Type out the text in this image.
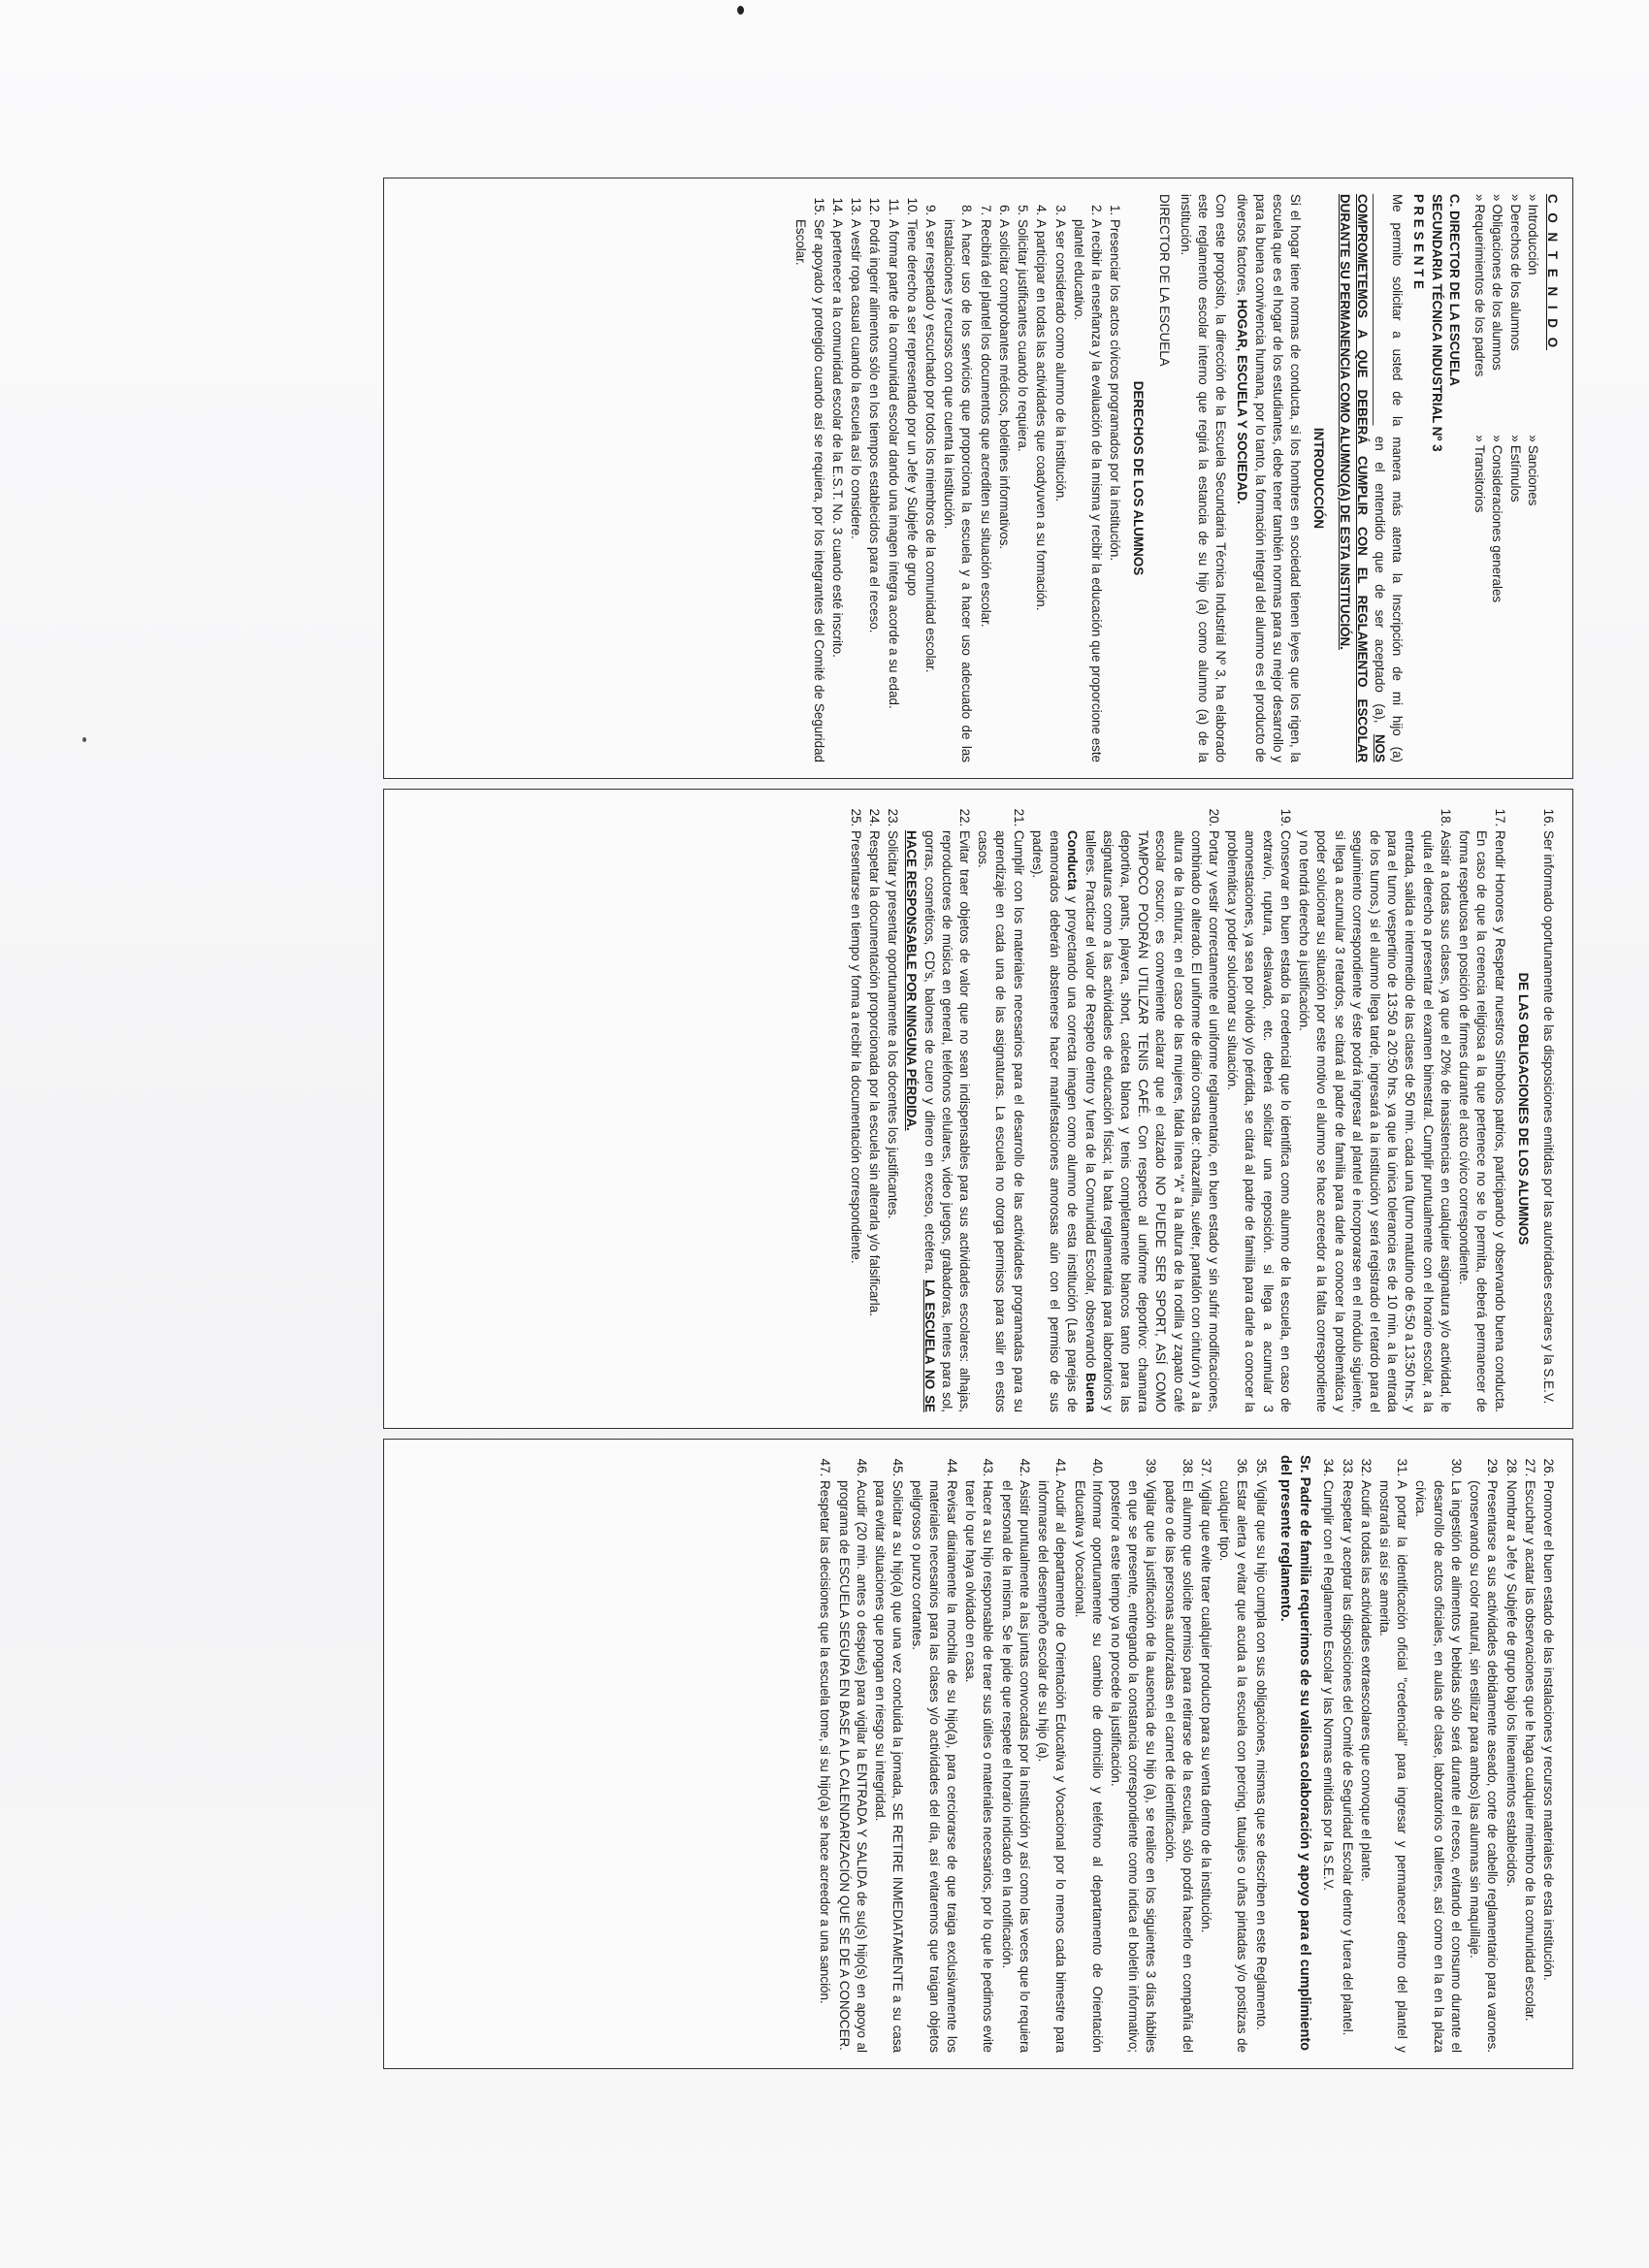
C O N T E N I D O
» Introducción
» Derechos de los alumnos
» Obligaciones de los alumnos
» Requerimientos de los padres
» Sanciones
» Estímulos
» Consideraciones generales
» Transitorios
C. DIRECTOR DE LA ESCUELA
SECUNDARIA TÉCNICA INDUSTRIAL Nº 3
P R E S E N T E

Me permito solicitar a usted de la manera más atenta la Inscripción de mi hijo (a) ________________________________ en el entendido que de ser aceptado (a), NOS COMPROMETEMOS A QUE DEBERÁ CUMPLIR CON EL REGLAMENTO ESCOLAR DURANTE SU PERMANENCIA COMO ALUMNO(A) DE ESTA INSTITUCIÓN.

INTRODUCCIÓN

Si el hogar tiene normas de conducta, si los hombres en sociedad tienen leyes que los rigen, la escuela que es el hogar de los estudiantes, debe tener también normas para su mejor desarrollo y para la buena convivencia humana, por lo tanto, la formación integral del alumno es el producto de diversos factores, HOGAR, ESCUELA Y SOCIEDAD.

Con este propósito, la dirección de la Escuela Secundaria Técnica Industrial Nº 3, ha elaborado este reglamento escolar interno que regirá la estancia de su hijo (a) como alumno (a) de la institución.

DIRECTOR DE LA ESCUELA
DERECHOS DE LOS ALUMNOS
1. Presenciar los actos cívicos programados por la institución.
2. A recibir la enseñanza y la evaluación de la misma y recibir la educación que proporcione este plantel educativo.
3. A ser considerado como alumno de la institución.
4. A participar en todas las actividades que coadyuven a su formación.
5. Solicitar justificantes cuando lo requiera.
6. A solicitar comprobantes médicos, boletines informativos.
7. Recibirá del plantel los documentos que acrediten su situación escolar.
8. A hacer uso de los servicios que proporciona la escuela y a hacer uso adecuado de las instalaciones y recursos con que cuenta la institución.
9. A ser respetado y escuchado por todos los miembros de la comunidad escolar.
10. Tiene derecho a ser representado por un Jefe y Subjefe de grupo
11. A formar parte de la comunidad escolar dando una imagen íntegra acorde a su edad.
12. Podrá ingerir alimentos sólo en los tiempos establecidos para el receso.
13. A vestir ropa casual cuando la escuela así lo considere.
14. A pertenecer a la comunidad escolar de la E.S.T. No. 3 cuando esté inscrito.
15. Ser apoyado y protegido cuando así se requiera, por los integrantes del Comité de Seguridad Escolar.
16. Ser informado oportunamente de las disposiciones emitidas por las autoridades esclares y la S.E.V.
DE LAS OBLIGACIONES DE LOS ALUMNOS
17. Rendir Honores y Respetar nuestros Símbolos patrios, participando y observando buena conducta. En caso de que la creencia religiosa a la que pertenece no se lo permita, deberá permanecer de forma respetuosa en posición de firmes durante el acto cívico correspondiente.
18. Asistir a todas sus clases, ya que el 20% de inasistencias en cualquier asignatura y/o actividad, le quita el derecho a presentar el examen bimestral. Cumplir puntualmente con el horario escolar, a la entrada, salida e intermedio de las clases de 50 min. cada una (turno matutino de 6:50 a 13:50 hrs. y para el turno vespertino de 13:50 a 20:50 hrs. ya que la única tolerancia es de 10 min. a la entrada de los turnos.) si el alumno llega tarde, ingresará a la institución y será registrado el retardo para el seguimiento correspondiente y éste podrá ingresar al plantel e incorporarse en el módulo siguiente, si llega a acumular 3 retardos, se citará al padre de familia para darle a conocer la problemática y poder solucionar su situación por este motivo el alumno se hace acreedor a la falta correspondiente y no tendrá derecho a justificación.
19. Conservar en buen estado la credencial que lo identifica como alumno de la escuela, en caso de extravío, ruptura, deslavado, etc. deberá solicitar una reposición. si llega a acumular 3 amonestaciones, ya sea por olvido y/o pérdida, se citará al padre de familia para darle a conocer la problemática y poder solucionar su situación.
20. Portar y vestir correctamente el uniforme reglamentario, en buen estado y sin sufrir modificaciones, combinado o alterado. El uniforme de diario consta de: chazarilla, suéter, pantalón con cinturón y a la altura de la cintura; en el caso de las mujeres, falda línea "A" a la altura de la rodilla y zapato café escolar oscuro; es conveniente aclarar que el calzado NO PUEDE SER SPORT, ASÍ COMO TAMPOCO PODRÁN UTILIZAR TENIS CAFÉ. Con respecto al uniforme deportivo: chamarra deportiva, pants, playera, short, calceta blanca y tenis completamente blancos tanto para las asignaturas como a las actividades de educación física; la bata reglamentaria para laboratorios y talleres. Practicar el valor de Respeto dentro y fuera de la Comunidad Escolar, observando Buena Conducta y proyectando una correcta imagen como alumno de esta institución (Las parejas de enamorados deberán abstenerse hacer manifestaciones amorosas aún con el permiso de sus padres).
21. Cumplir con los materiales necesarios para el desarrollo de las actividades programadas para su aprendizaje en cada una de las asignaturas. La escuela no otorga permisos para salir en estos casos.
22. Evitar traer objetos de valor que no sean indispensables para sus actividades escolares: alhajas, reproductores de música en general, teléfonos celulares, video juegos, grabadoras, lentes para sol, gorras, cosméticos, CD's, balones de cuero y dinero en exceso, etcétera. LA ESCUELA NO SE HACE RESPONSABLE POR NINGUNA PÉRDIDA.
23. Solicitar y presentar oportunamente a los docentes los justificantes.
24. Respetar la documentación proporcionada por la escuela sin alterarla y/o falsificarla.
25. Presentarse en tiempo y forma a recibir la documentación correspondiente.
26. Promover el buen estado de las instalaciones y recursos materiales de esta institución.
27. Escuchar y acatar las observaciones que le haga cualquier miembro de la comunidad escolar.
28. Nombrar a Jefe y Subjefe de grupo bajo los lineamientos establecidos.
29. Presentarse a sus actividades debidamente aseado, corte de cabello reglamentario para varones. (conservando su color natural, sin estilizar para ambos) las alumnas sin maquillaje.
30. La ingestión de alimentos y bebidas sólo será durante el receso, evitando el consumo durante el desarrollo de actos oficiales, en aulas de clase, laboratorios o talleres, así como en la en la plaza cívica.
31. A portar la identificación oficial "credencial" para ingresar y permanecer dentro del plantel y mostrarla si así se amerita.
32. Acudir a todas las actividades extraescolares que convoque el plante.
33. Respetar y aceptar las disposiciones del Comité de Seguridad Escolar dentro y fuera del plantel.
34. Cumplir con el Reglamento Escolar y las Normas emitidas por la S.E.V.
Sr. Padre de familia requerimos de su valiosa colaboración y apoyo para el cumplimiento del presente reglamento.
35. Vigilar que su hijo cumpla con sus obligaciones, mismas que se describen en este Reglamento.
36. Estar alerta y evitar que acuda a la escuela con percing, tatuajes o uñas pintadas y/o postizas de cualquier tipo.
37. Vigilar que evite traer cualquier producto para su venta dentro de la institución.
38. El alumno que solicite permiso para retirarse de la escuela, sólo podrá hacerlo en compañía del padre o de las personas autorizadas en el carnet de identificación.
39. Vigilar que la justificación de la ausencia de su hijo (a), se realice en los siguientes 3 días hábiles en que se presente, entregando la constancia correspondiente como indica el boletín informativo; posterior a este tiempo ya no procede la justificación.
40. Informar oportunamente su cambio de domicilio y teléfono al departamento de Orientación Educativa y Vocacional.
41. Acudir al departamento de Orientación Educativa y Vocacional por lo menos cada bimestre para informarse del desempeño escolar de su hijo (a).
42. Asistir puntualmente a las juntas convocadas por la institución y así como las veces que lo requiera el personal de la misma. Se le pide que respete el horario indicado en la notificación.
43. Hacer a su hijo responsable de traer sus útiles o materiales necesarios, por lo que le pedimos evite traer lo que haya olvidado en casa.
44. Revisar diariamente la mochila de su hijo(a), para cerciorarse de que traiga exclusivamente los materiales necesarios para las clases y/o actividades del día, así evitaremos que traigan objetos peligrosos o punzo cortantes.
45. Solicitar a su hijo(a) que una vez concluida la jornada, SE RETIRE INMEDIATAMENTE a su casa para evitar situaciones que pongan en riesgo su integridad.
46. Acudir (20 min. antes o después) para vigilar la ENTRADA Y SALIDA de su(s) hijo(s) en apoyo al programa de ESCUELA SEGURA EN BASE A LA CALENDARIZACIÓN QUE SE DE A CONOCER.
47. Respetar las decisiones que la escuela tome, si su hijo(a) se hace acreedor a una sanción.
